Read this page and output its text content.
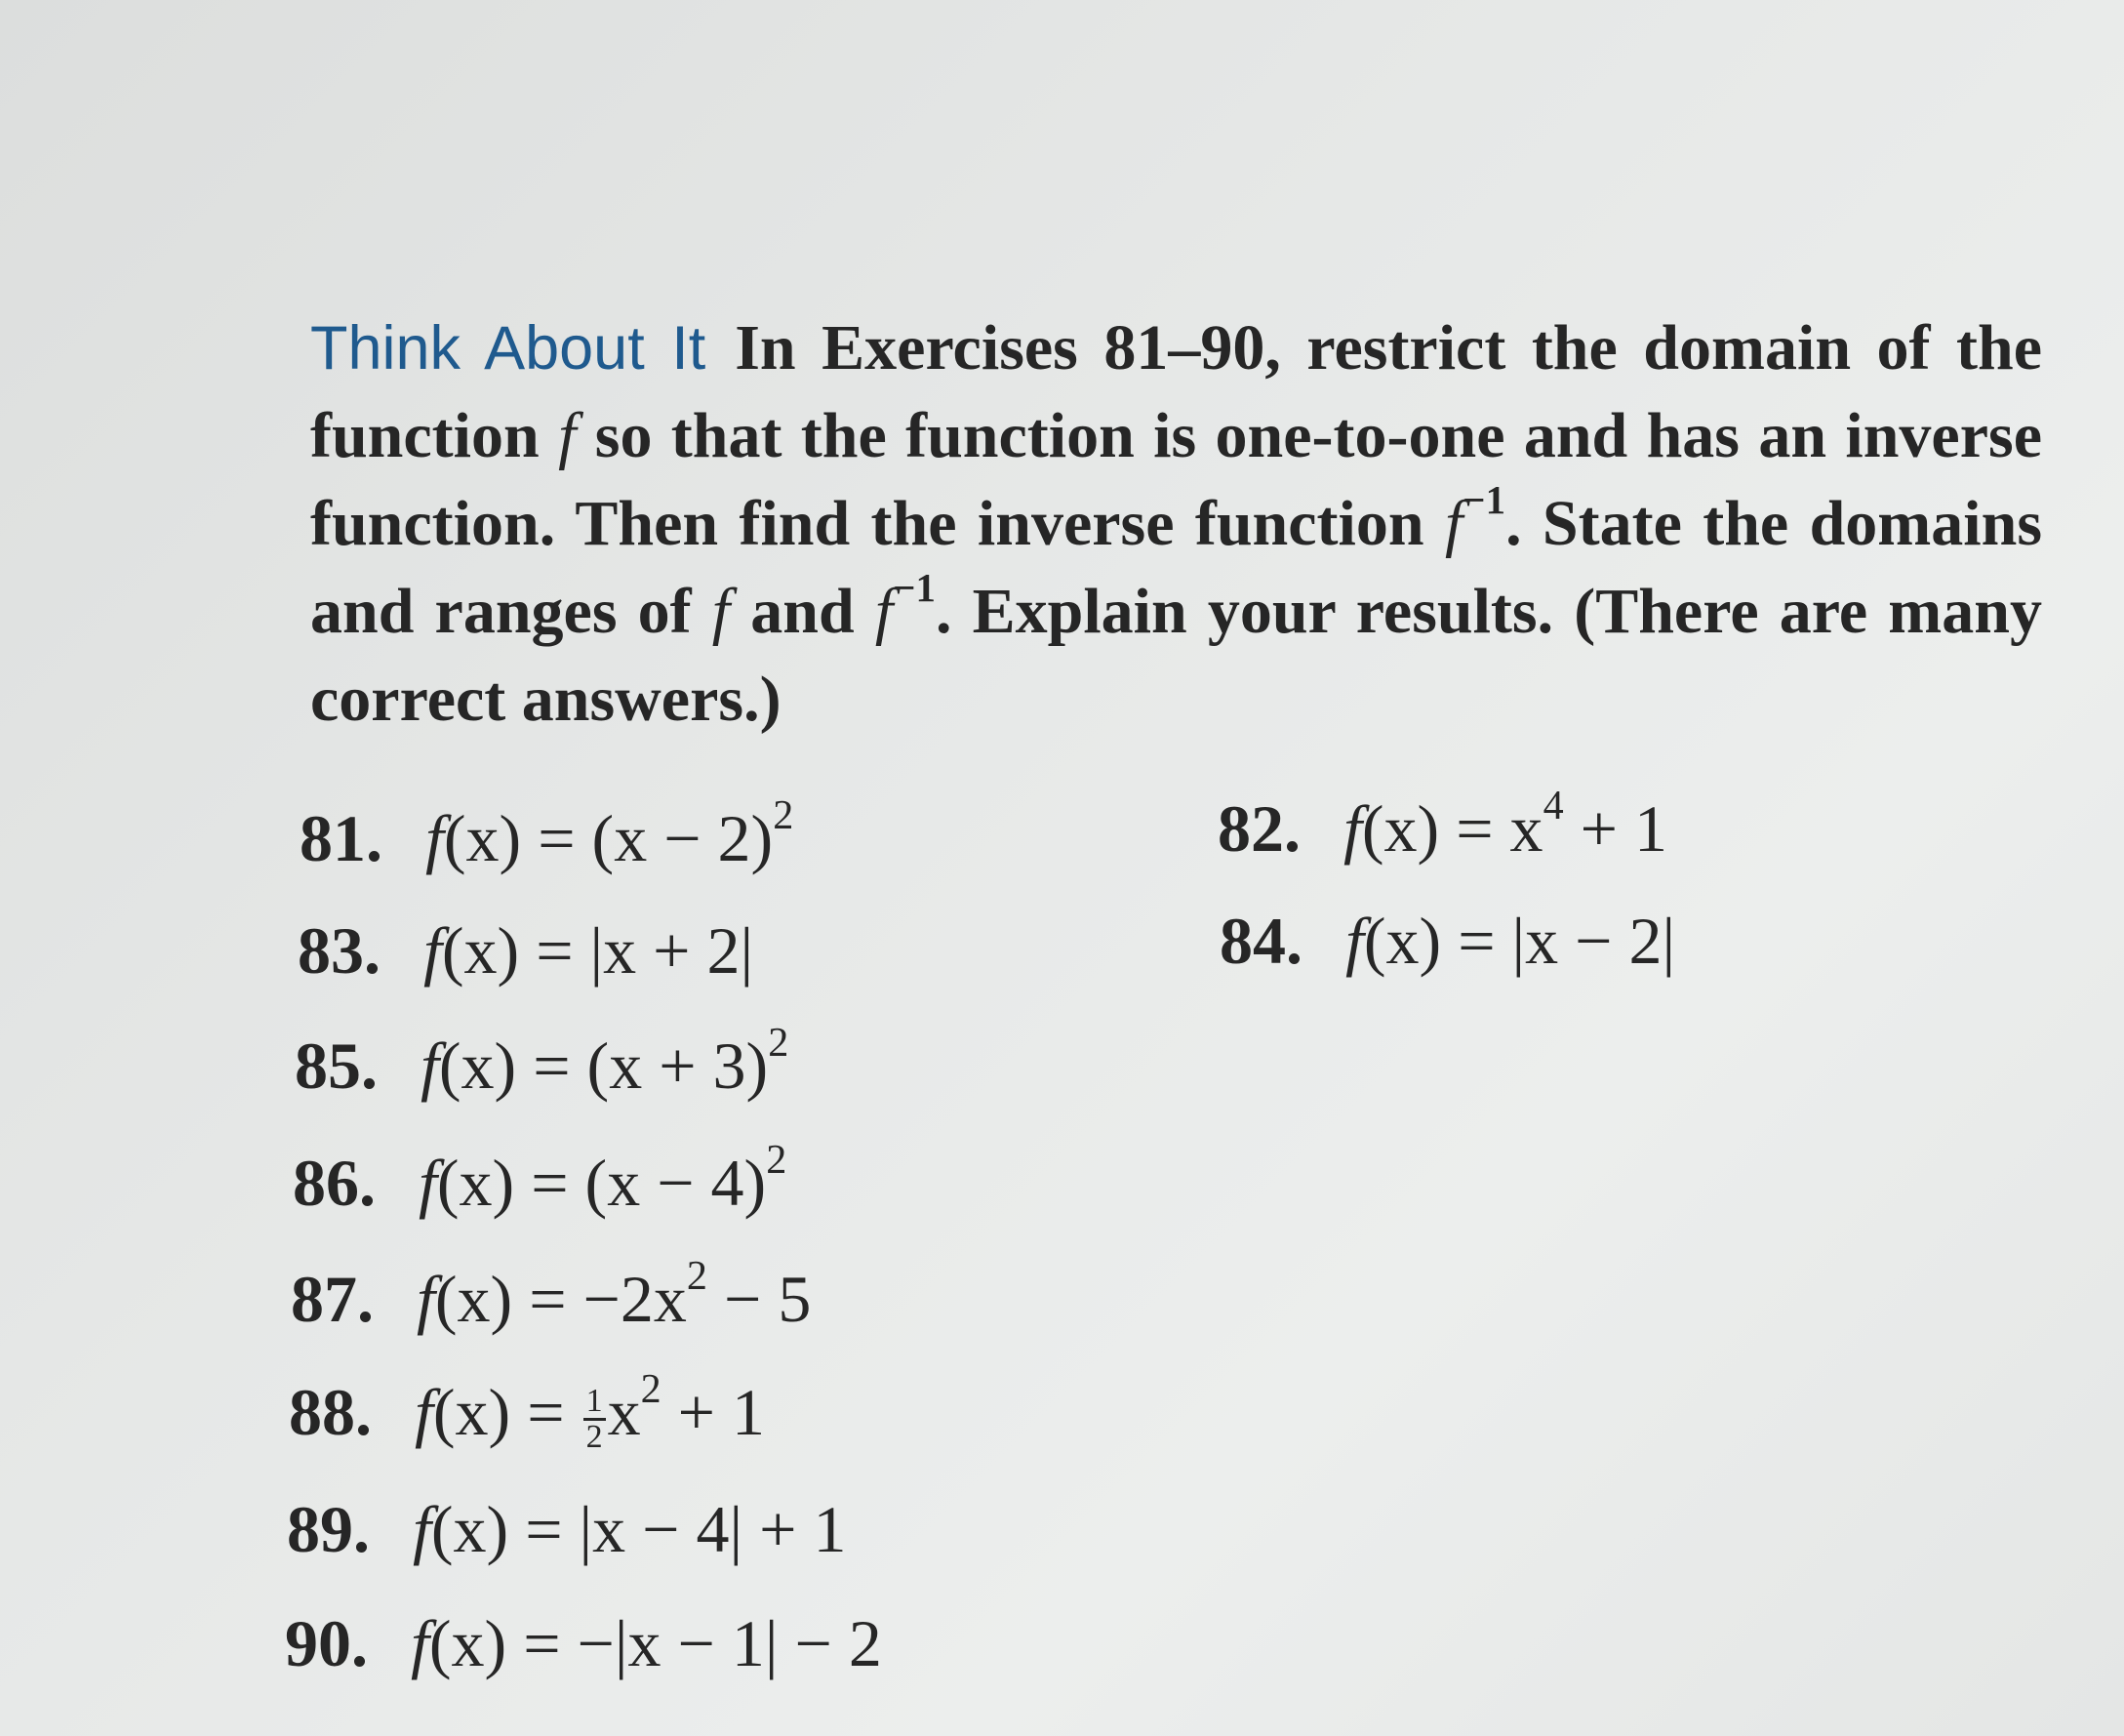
Think About It In Exercises 81–90, restrict the domain of the function f so that the function is one-to-one and has an inverse function. Then find the inverse function $f^{-1}$. State the domains and ranges of f and $f^{-1}$. Explain your results. (There are many correct answers.)
81. $f(x) = (x - 2)^2$	82. $f(x) = x^4 + 1$
83. f(x) = |x + 2|	84. f(x) = |x − 2|
85. $f(x) = (x + 3)^2$
86. $f(x) = (x - 4)^2$
87. $f(x) = -2x^2 - 5$
88. $f(x) = \frac{1}{2} x^2 + 1$
89. f(x) = |x − 4| + 1
90. f(x) = −|x − 1| − 2
